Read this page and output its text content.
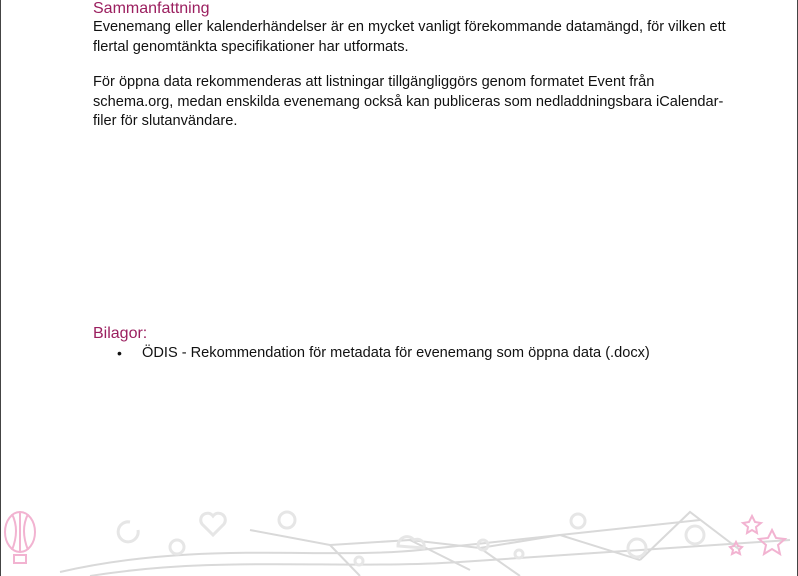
Sammanfattning

Evenemang eller kalenderhändelser är en mycket vanligt förekommande datamängd, för vilken ett flertal genomtänkta specifikationer har utformats.

För öppna data rekommenderas att listningar tillgängliggörs genom formatet Event från schema.org, medan enskilda evenemang också kan publiceras som nedladdningsbara iCalendar-filer för slutanvändare.

Bilagor:
• ÖDIS - Rekommendation för metadata för evenemang som öppna data (.docx)
